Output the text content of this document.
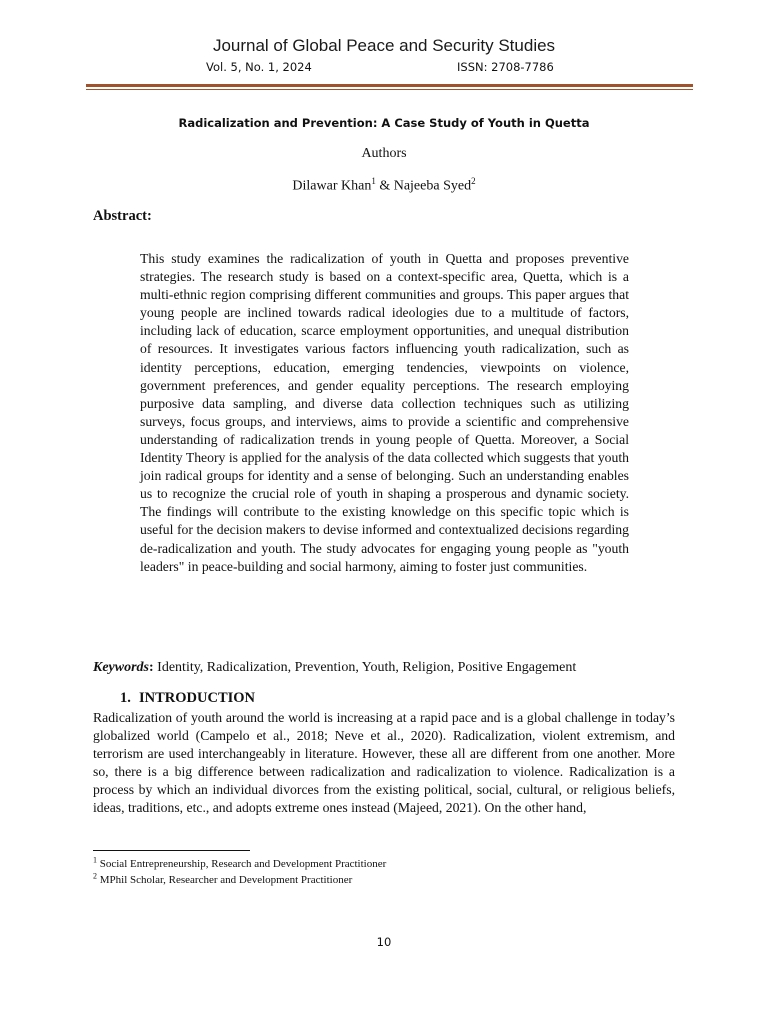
Journal of Global Peace and Security Studies
Vol. 5, No. 1, 2024	ISSN: 2708-7786
Radicalization and Prevention: A Case Study of Youth in Quetta
Authors
Dilawar Khan$^1$ & Najeeba Syed$^2$
Abstract:
This study examines the radicalization of youth in Quetta and proposes preventive strategies. The research study is based on a context-specific area, Quetta, which is a multi-ethnic region comprising different communities and groups. This paper argues that young people are inclined towards radical ideologies due to a multitude of factors, including lack of education, scarce employment opportunities, and unequal distribution of resources. It investigates various factors influencing youth radicalization, such as identity perceptions, education, emerging tendencies, viewpoints on violence, government preferences, and gender equality perceptions. The research employing purposive data sampling, and diverse data collection techniques such as utilizing surveys, focus groups, and interviews, aims to provide a scientific and comprehensive understanding of radicalization trends in young people of Quetta. Moreover, a Social Identity Theory is applied for the analysis of the data collected which suggests that youth join radical groups for identity and a sense of belonging. Such an understanding enables us to recognize the crucial role of youth in shaping a prosperous and dynamic society. The findings will contribute to the existing knowledge on this specific topic which is useful for the decision makers to devise informed and contextualized decisions regarding de-radicalization and youth. The study advocates for engaging young people as "youth leaders" in peace-building and social harmony, aiming to foster just communities.
Keywords: Identity, Radicalization, Prevention, Youth, Religion, Positive Engagement
1. INTRODUCTION
Radicalization of youth around the world is increasing at a rapid pace and is a global challenge in today’s globalized world (Campelo et al., 2018; Neve et al., 2020). Radicalization, violent extremism, and terrorism are used interchangeably in literature. However, these all are different from one another. More so, there is a big difference between radicalization and radicalization to violence. Radicalization is a process by which an individual divorces from the existing political, social, cultural, or religious beliefs, ideas, traditions, etc., and adopts extreme ones instead (Majeed, 2021). On the other hand,
$^1$ Social Entrepreneurship, Research and Development Practitioner
$^2$ MPhil Scholar, Researcher and Development Practitioner
10
